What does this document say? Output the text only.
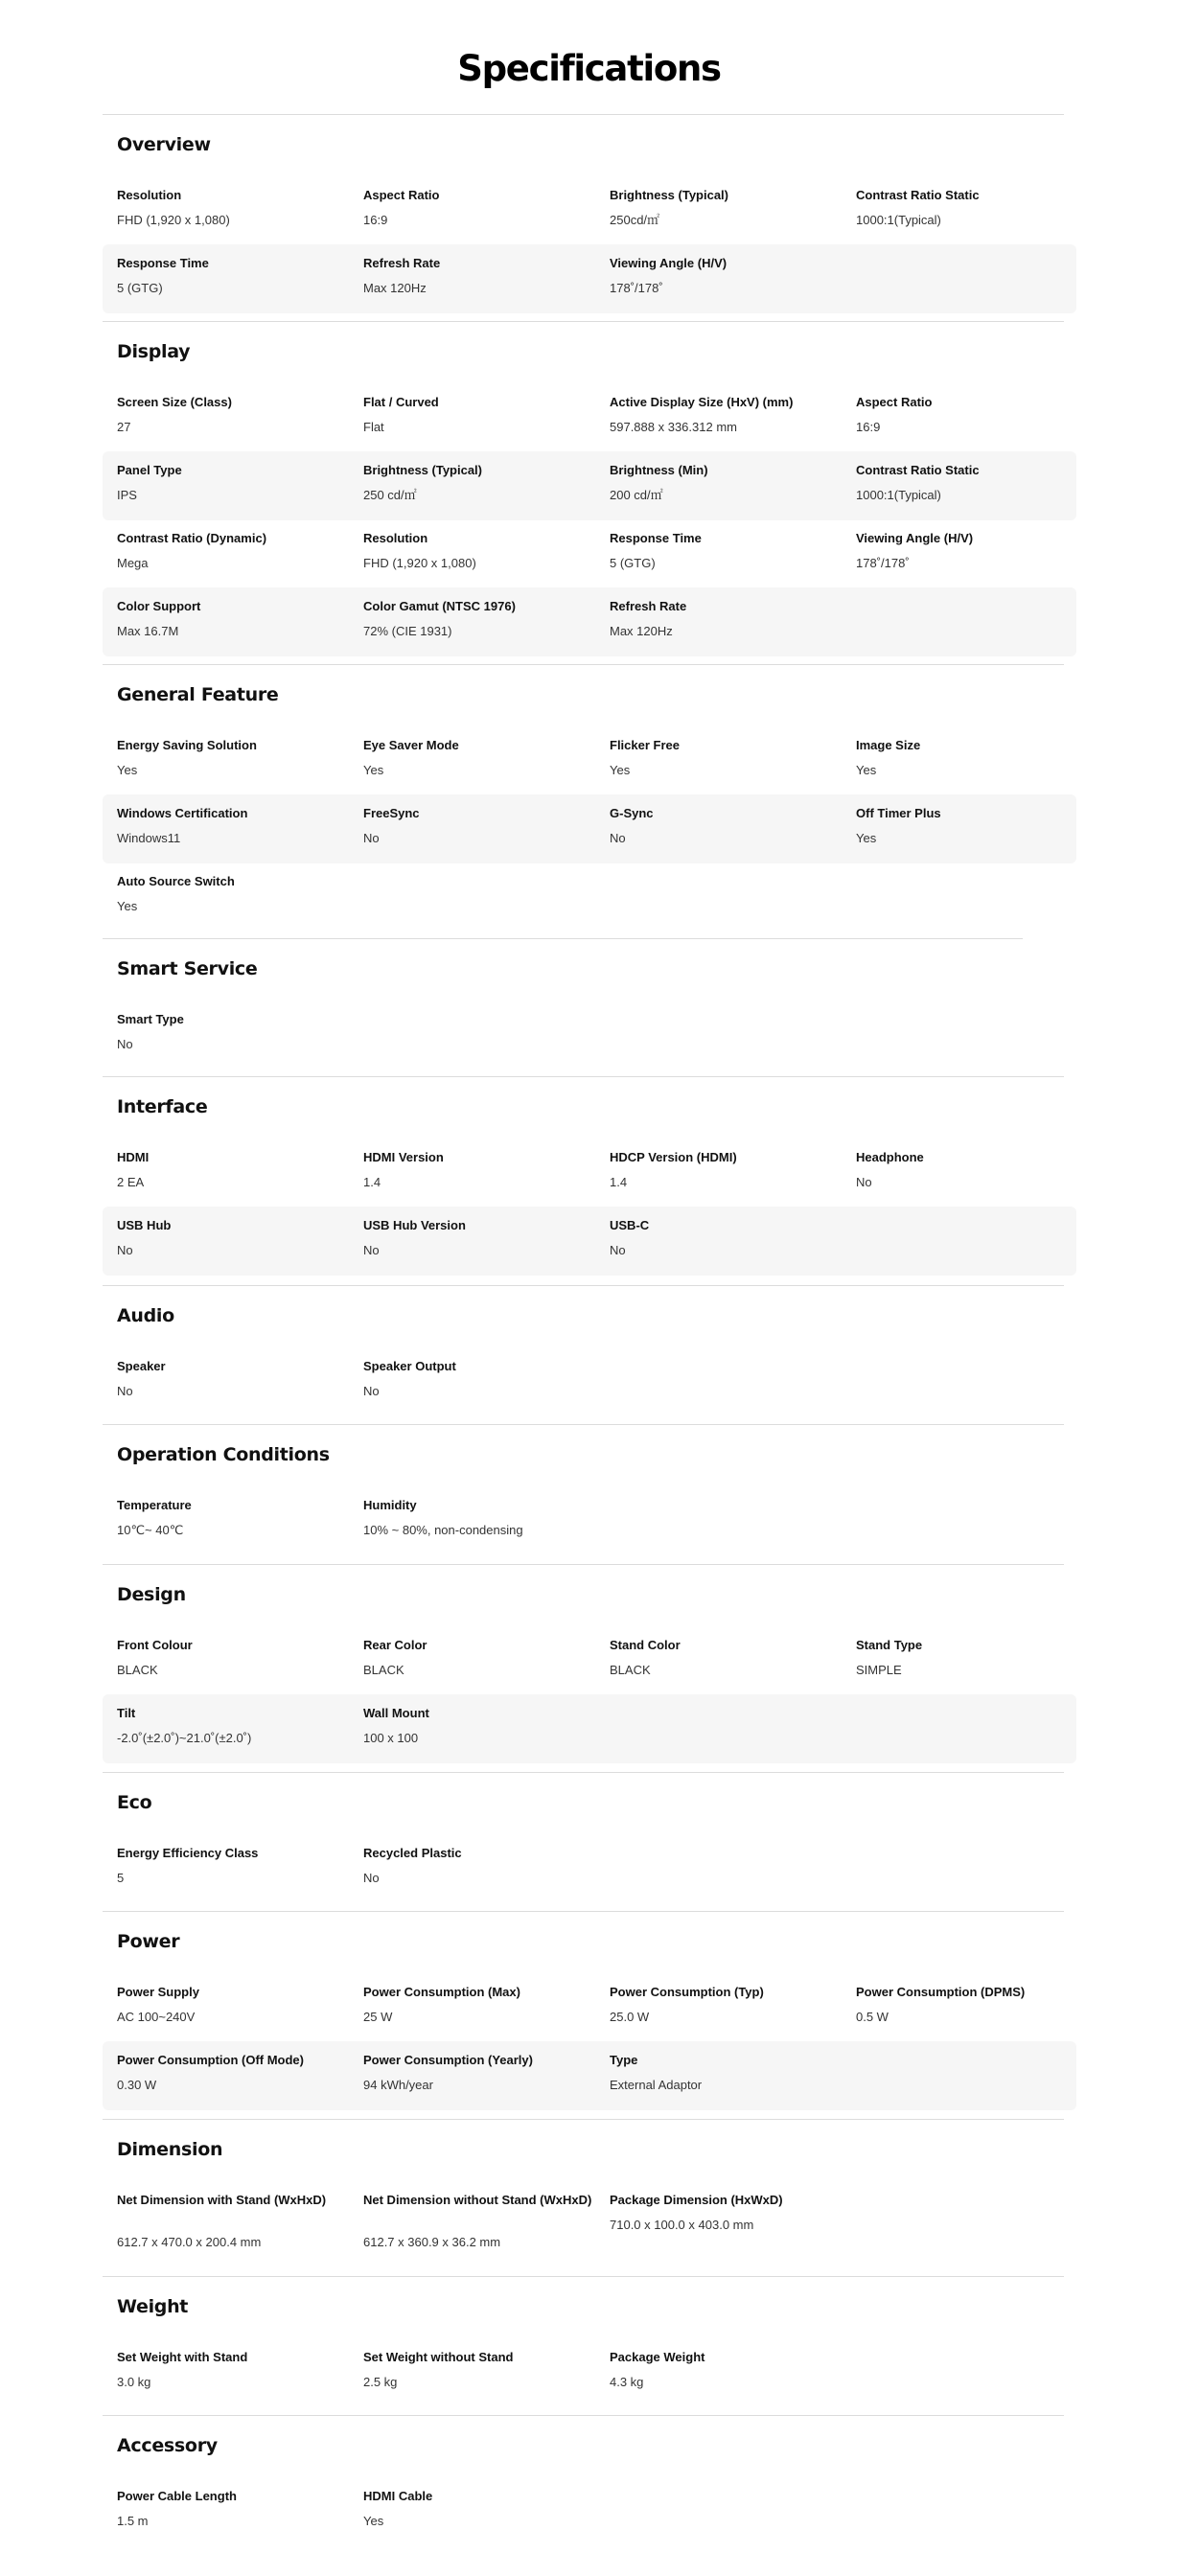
Specifications
Overview
Resolution
FHD (1,920 x 1,080)
Aspect Ratio
16:9
Brightness (Typical)
250cd/㎡
Contrast Ratio Static
1000:1(Typical)
Response Time
5 (GTG)
Refresh Rate
Max 120Hz
Viewing Angle (H/V)
178˚/178˚
Display
Screen Size (Class)
27
Flat / Curved
Flat
Active Display Size (HxV) (mm)
597.888 x 336.312 mm
Aspect Ratio
16:9
Panel Type
IPS
Brightness (Typical)
250 cd/㎡
Brightness (Min)
200 cd/㎡
Contrast Ratio Static
1000:1(Typical)
Contrast Ratio (Dynamic)
Mega
Resolution
FHD (1,920 x 1,080)
Response Time
5 (GTG)
Viewing Angle (H/V)
178˚/178˚
Color Support
Max 16.7M
Color Gamut (NTSC 1976)
72% (CIE 1931)
Refresh Rate
Max 120Hz
General Feature
Energy Saving Solution
Yes
Eye Saver Mode
Yes
Flicker Free
Yes
Image Size
Yes
Windows Certification
Windows11
FreeSync
No
G-Sync
No
Off Timer Plus
Yes
Auto Source Switch
Yes
Smart Service
Smart Type
No
Interface
HDMI
2 EA
HDMI Version
1.4
HDCP Version (HDMI)
1.4
Headphone
No
USB Hub
No
USB Hub Version
No
USB-C
No
Audio
Speaker
No
Speaker Output
No
Operation Conditions
Temperature
10℃~ 40℃
Humidity
10% ~ 80%, non-condensing
Design
Front Colour
BLACK
Rear Color
BLACK
Stand Color
BLACK
Stand Type
SIMPLE
Tilt
-2.0˚(±2.0˚)~21.0˚(±2.0˚)
Wall Mount
100 x 100
Eco
Energy Efficiency Class
5
Recycled Plastic
No
Power
Power Supply
AC 100~240V
Power Consumption (Max)
25 W
Power Consumption (Typ)
25.0 W
Power Consumption (DPMS)
0.5 W
Power Consumption (Off Mode)
0.30 W
Power Consumption (Yearly)
94 kWh/year
Type
External Adaptor
Dimension
Net Dimension with Stand (WxHxD)
612.7 x 470.0 x 200.4 mm
Net Dimension without Stand (WxHxD)
612.7 x 360.9 x 36.2 mm
Package Dimension (HxWxD)
710.0 x 100.0 x 403.0 mm
Weight
Set Weight with Stand
3.0 kg
Set Weight without Stand
2.5 kg
Package Weight
4.3 kg
Accessory
Power Cable Length
1.5 m
HDMI Cable
Yes
